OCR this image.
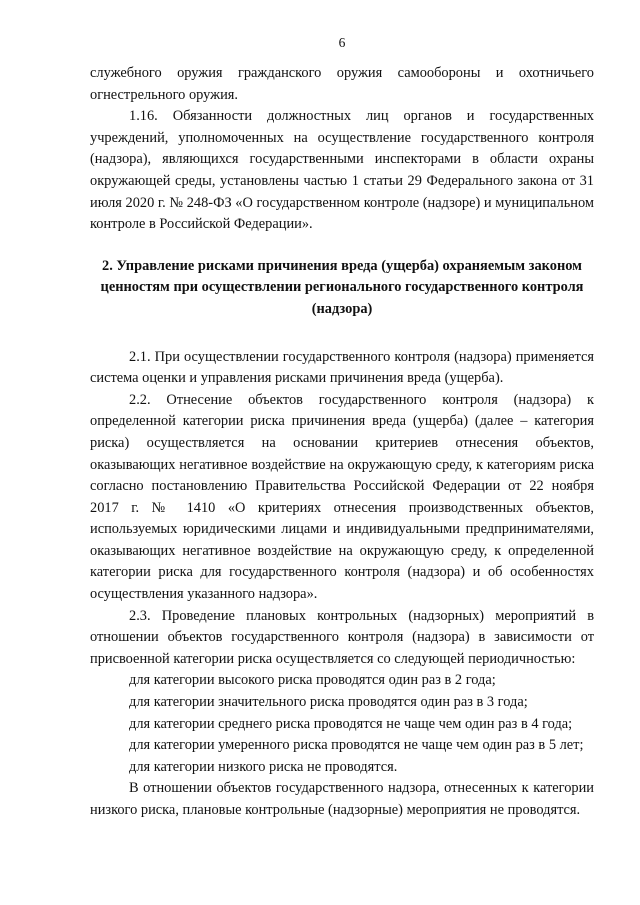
6

служебного оружия гражданского оружия самообороны и охотничьего огнестрельного оружия.

1.16. Обязанности должностных лиц органов и государственных учреждений, уполномоченных на осуществление государственного контроля (надзора), являющихся государственными инспекторами в области охраны окружающей среды, установлены частью 1 статьи 29 Федерального закона от 31 июля 2020 г. № 248-ФЗ «О государственном контроле (надзоре) и муниципальном контроле в Российской Федерации».

2. Управление рисками причинения вреда (ущерба) охраняемым законом ценностям при осуществлении регионального государственного контроля (надзора)

2.1. При осуществлении государственного контроля (надзора) применяется система оценки и управления рисками причинения вреда (ущерба).

2.2. Отнесение объектов государственного контроля (надзора) к определенной категории риска причинения вреда (ущерба) (далее – категория риска) осуществляется на основании критериев отнесения объектов, оказывающих негативное воздействие на окружающую среду, к категориям риска согласно постановлению Правительства Российской Федерации от 22 ноября 2017 г. № 1410 «О критериях отнесения производственных объектов, используемых юридическими лицами и индивидуальными предпринимателями, оказывающих негативное воздействие на окружающую среду, к определенной категории риска для государственного контроля (надзора) и об особенностях осуществления указанного надзора».

2.3. Проведение плановых контрольных (надзорных) мероприятий в отношении объектов государственного контроля (надзора) в зависимости от присвоенной категории риска осуществляется со следующей периодичностью:

для категории высокого риска проводятся один раз в 2 года;

для категории значительного риска проводятся один раз в 3 года;

для категории среднего риска проводятся не чаще чем один раз в 4 года;

для категории умеренного риска проводятся не чаще чем один раз в 5 лет;

для категории низкого риска не проводятся.

В отношении объектов государственного надзора, отнесенных к категории низкого риска, плановые контрольные (надзорные) мероприятия не проводятся.
